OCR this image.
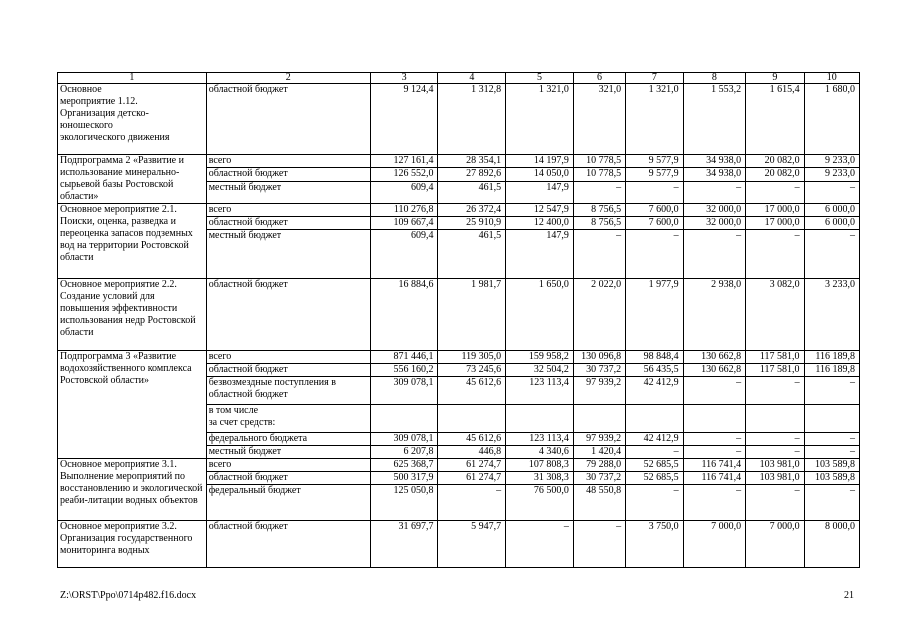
1	2	3	4	5	6	7	8	9	10
Основное
мероприятие 1.12.
Организация детско-
юношеского
экологического движения	областной бюджет	9 124,4	1 312,8	1 321,0	321,0	1 321,0	1 553,2	1 615,4	1 680,0
Подпрограмма 2 «Развитие и использование минерально-сырьевой базы Ростовской области»	всего	127 161,4	28 354,1	14 197,9	10 778,5	9 577,9	34 938,0	20 082,0	9 233,0
	областной бюджет	126 552,0	27 892,6	14 050,0	10 778,5	9 577,9	34 938,0	20 082,0	9 233,0
	местный бюджет	609,4	461,5	147,9	–	–	–	–	–
Основное мероприятие 2.1. Поиски, оценка, разведка и переоценка запасов подземных вод на территории Ростовской области	всего	110 276,8	26 372,4	12 547,9	8 756,5	7 600,0	32 000,0	17 000,0	6 000,0
	областной бюджет	109 667,4	25 910,9	12 400,0	8 756,5	7 600,0	32 000,0	17 000,0	6 000,0
	местный бюджет	609,4	461,5	147,9	–	–	–	–	–
Основное мероприятие 2.2. Создание условий для повышения эффективности использования недр Ростовской области	областной бюджет	16 884,6	1 981,7	1 650,0	2 022,0	1 977,9	2 938,0	3 082,0	3 233,0
Подпрограмма 3 «Развитие водохозяйственного комплекса Ростовской области»	всего	871 446,1	119 305,0	159 958,2	130 096,8	98 848,4	130 662,8	117 581,0	116 189,8
	областной бюджет	556 160,2	73 245,6	32 504,2	30 737,2	56 435,5	130 662,8	117 581,0	116 189,8
	безвозмездные поступления в областной бюджет	309 078,1	45 612,6	123 113,4	97 939,2	42 412,9	–	–	–
	в том числе
за счет средств:								
	федерального бюджета	309 078,1	45 612,6	123 113,4	97 939,2	42 412,9	–	–	–
	местный бюджет	6 207,8	446,8	4 340,6	1 420,4	–	–	–	–
Основное мероприятие 3.1. Выполнение мероприятий по восстановлению и экологической реаби-литации водных объектов	всего	625 368,7	61 274,7	107 808,3	79 288,0	52 685,5	116 741,4	103 981,0	103 589,8
	областной бюджет	500 317,9	61 274,7	31 308,3	30 737,2	52 685,5	116 741,4	103 981,0	103 589,8
	федеральный бюджет	125 050,8	–	76 500,0	48 550,8	–	–	–	–
Основное мероприятие 3.2. Организация государственного мониторинга водных	областной бюджет	31 697,7	5 947,7	–	–	3 750,0	7 000,0	7 000,0	8 000,0
Z:\ORST\Ppo\0714p482.f16.docx	21
